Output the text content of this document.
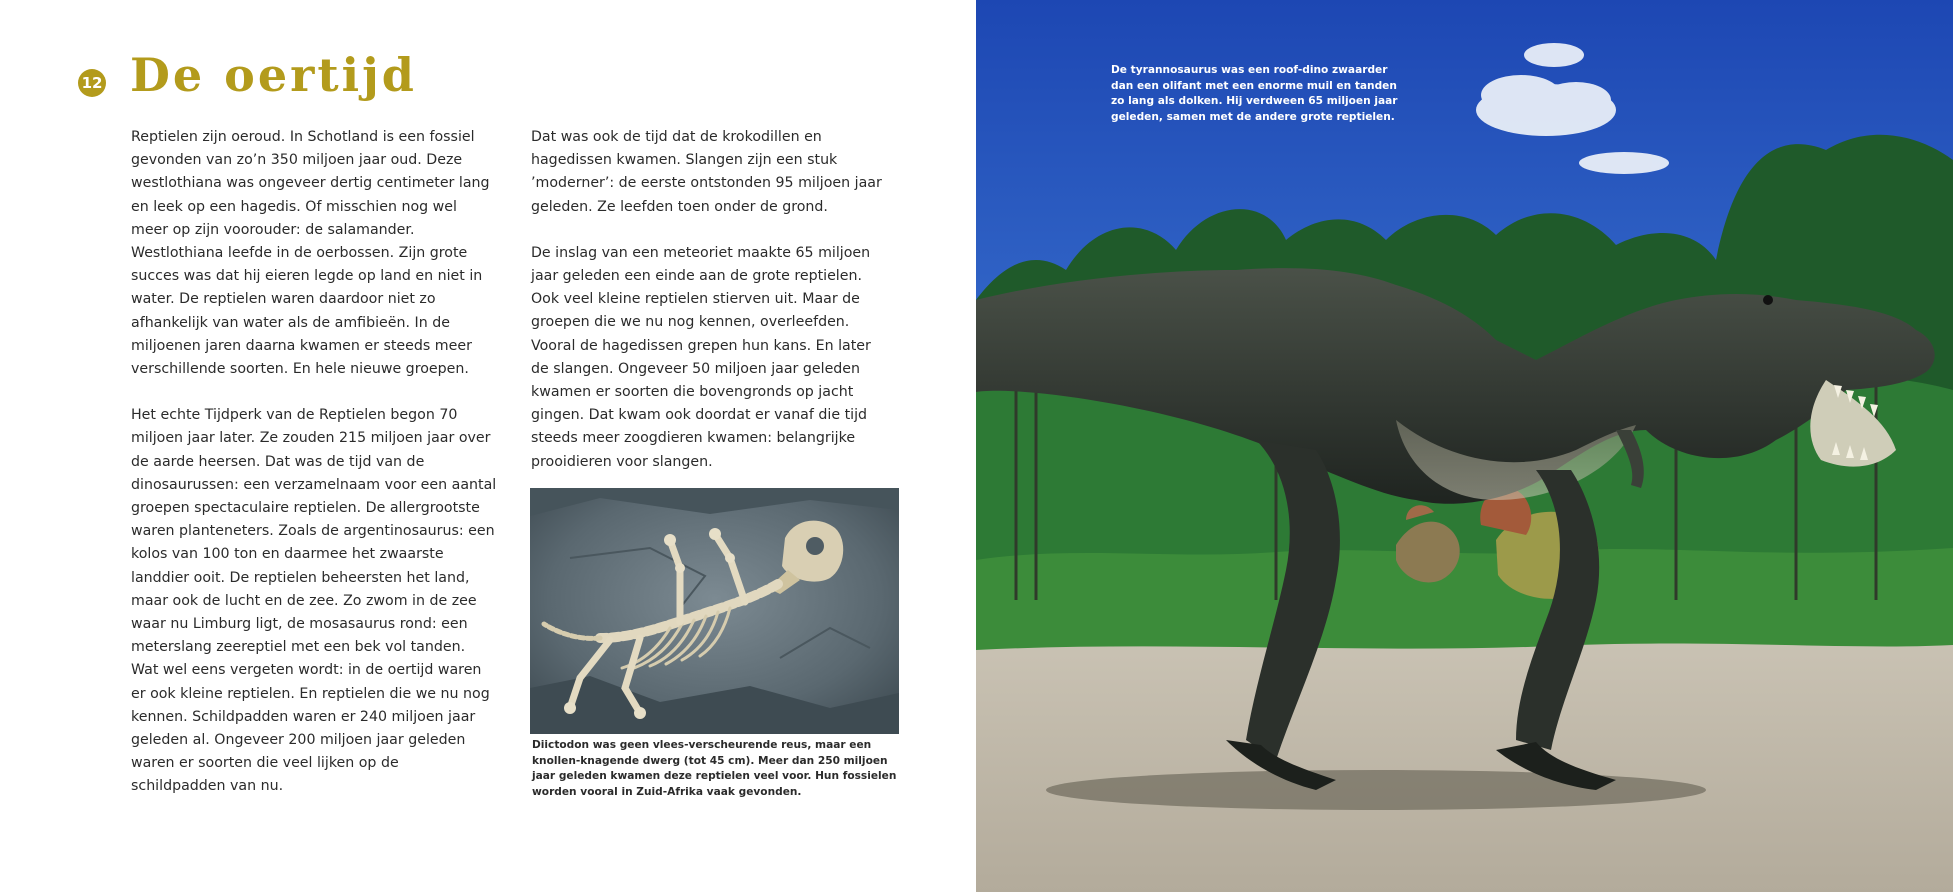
12 De oertijd

Reptielen zijn oeroud. In Schotland is een fossiel
gevonden van zo’n 350 miljoen jaar oud. Deze
westlothiana was ongeveer dertig centimeter lang
en leek op een hagedis. Of misschien nog wel
meer op zijn voorouder: de salamander.
Westlothiana leefde in de oerbossen. Zijn grote
succes was dat hij eieren legde op land en niet in
water. De reptielen waren daardoor niet zo
afhankelijk van water als de amfibieën. In de
miljoenen jaren daarna kwamen er steeds meer
verschillende soorten. En hele nieuwe groepen.

Het echte Tijdperk van de Reptielen begon 70
miljoen jaar later. Ze zouden 215 miljoen jaar over
de aarde heersen. Dat was de tijd van de
dinosaurussen: een verzamelnaam voor een aantal
groepen spectaculaire reptielen. De allergrootste
waren planteneters. Zoals de argentinosaurus: een
kolos van 100 ton en daarmee het zwaarste
landdier ooit. De reptielen beheersten het land,
maar ook de lucht en de zee. Zo zwom in de zee
waar nu Limburg ligt, de mosasaurus rond: een
meterslang zeereptiel met een bek vol tanden.
Wat wel eens vergeten wordt: in de oertijd waren
er ook kleine reptielen. En reptielen die we nu nog
kennen. Schildpadden waren er 240 miljoen jaar
geleden al. Ongeveer 200 miljoen jaar geleden
waren er soorten die veel lijken op de
schildpadden van nu.

Dat was ook de tijd dat de krokodillen en
hagedissen kwamen. Slangen zijn een stuk
’moderner’: de eerste ontstonden 95 miljoen jaar
geleden. Ze leefden toen onder de grond.

De inslag van een meteoriet maakte 65 miljoen
jaar geleden een einde aan de grote reptielen.
Ook veel kleine reptielen stierven uit. Maar de
groepen die we nu nog kennen, overleefden.
Vooral de hagedissen grepen hun kans. En later
de slangen. Ongeveer 50 miljoen jaar geleden
kwamen er soorten die bovengronds op jacht
gingen. Dat kwam ook doordat er vanaf die tijd
steeds meer zoogdieren kwamen: belangrijke
prooidieren voor slangen.

Diictodon was geen vlees-verscheurende reus, maar een
knollen-knagende dwerg (tot 45 cm). Meer dan 250 miljoen
jaar geleden kwamen deze reptielen veel voor. Hun fossielen
worden vooral in Zuid-Afrika vaak gevonden.

De tyrannosaurus was een roof-dino zwaarder
dan een olifant met een enorme muil en tanden
zo lang als dolken. Hij verdween 65 miljoen jaar
geleden, samen met de andere grote reptielen.
